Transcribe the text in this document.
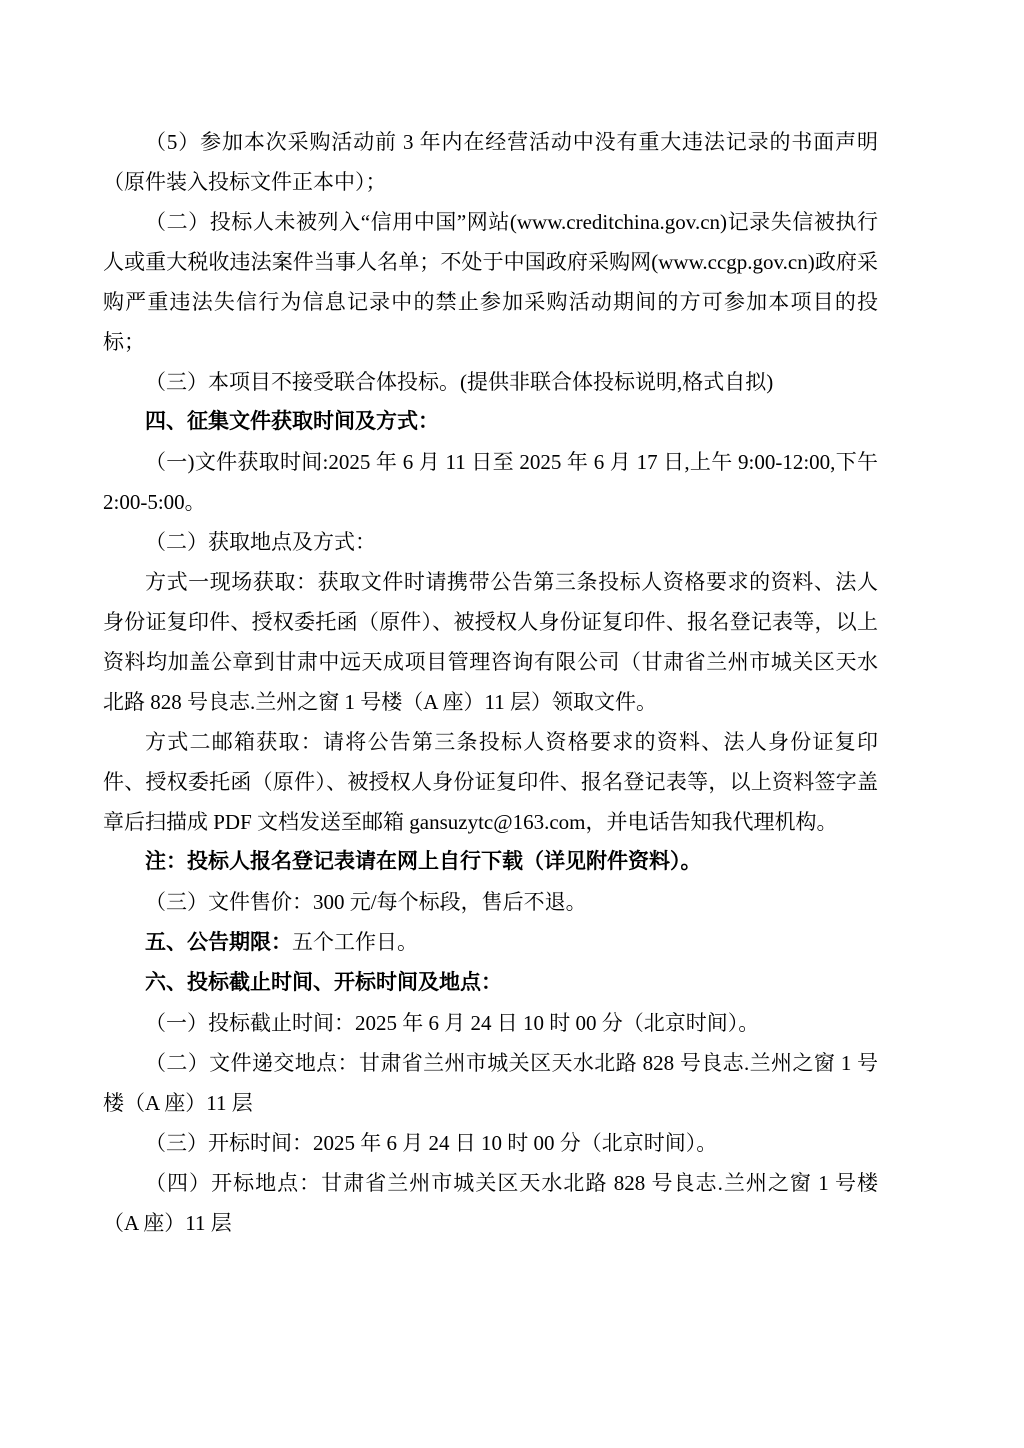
（5）参加本次采购活动前 3 年内在经营活动中没有重大违法记录的书面声明（原件装入投标文件正本中）；

（二）投标人未被列入“信用中国”网站(www.creditchina.gov.cn)记录失信被执行人或重大税收违法案件当事人名单；不处于中国政府采购网(www.ccgp.gov.cn)政府采购严重违法失信行为信息记录中的禁止参加采购活动期间的方可参加本项目的投标；

（三）本项目不接受联合体投标。(提供非联合体投标说明,格式自拟)

四、征集文件获取时间及方式：

（一)文件获取时间:2025 年 6 月 11 日至 2025 年 6 月 17 日,上午 9:00-12:00,下午 2:00-5:00。

（二）获取地点及方式：

方式一现场获取：获取文件时请携带公告第三条投标人资格要求的资料、法人身份证复印件、授权委托函（原件）、被授权人身份证复印件、报名登记表等，以上资料均加盖公章到甘肃中远天成项目管理咨询有限公司（甘肃省兰州市城关区天水北路 828 号良志.兰州之窗 1 号楼（A 座）11 层）领取文件。

方式二邮箱获取：请将公告第三条投标人资格要求的资料、法人身份证复印件、授权委托函（原件）、被授权人身份证复印件、报名登记表等，以上资料签字盖章后扫描成 PDF 文档发送至邮箱 gansuzytc@163.com，并电话告知我代理机构。

注：投标人报名登记表请在网上自行下载（详见附件资料）。

（三）文件售价：300 元/每个标段，售后不退。

五、公告期限：五个工作日。

六、投标截止时间、开标时间及地点：

（一）投标截止时间：2025 年 6 月 24 日 10 时 00 分（北京时间）。

（二）文件递交地点：甘肃省兰州市城关区天水北路 828 号良志.兰州之窗 1 号楼（A 座）11 层

（三）开标时间：2025 年 6 月 24 日 10 时 00 分（北京时间）。

（四）开标地点：甘肃省兰州市城关区天水北路 828 号良志.兰州之窗 1 号楼（A 座）11 层
